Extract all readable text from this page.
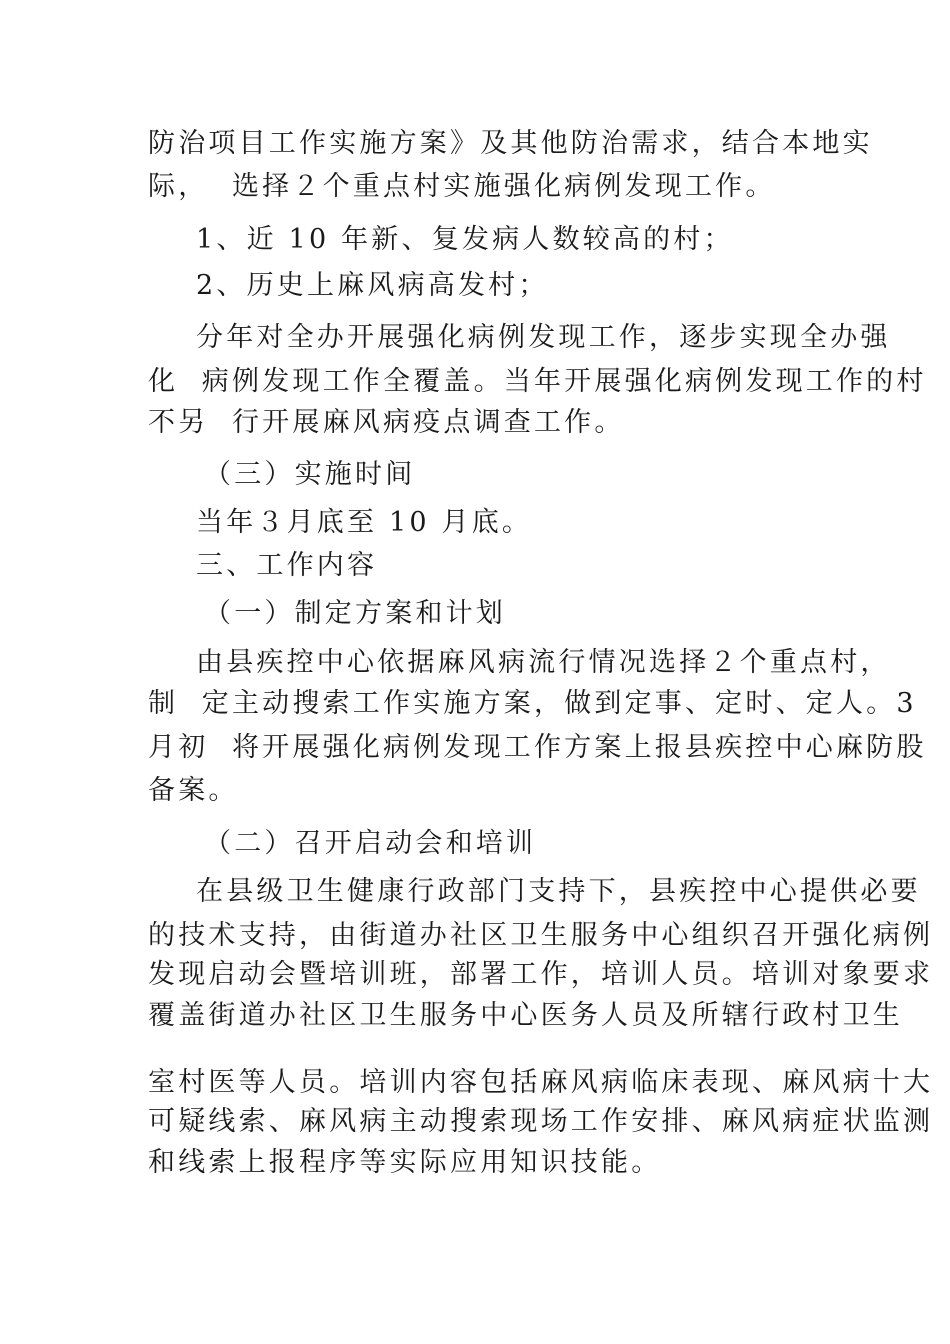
防治项目工作实施方案》及其他防治需求，结合本地实
际，  选择２个重点村实施强化病例发现工作。
1、近 10 年新、复发病人数较高的村；
2、历史上麻风病高发村；
分年对全办开展强化病例发现工作，逐步实现全办强
化  病例发现工作全覆盖。当年开展强化病例发现工作的村
不另  行开展麻风病疫点调查工作。
（三）实施时间
当年３月底至 10 月底。
三、工作内容
（一）制定方案和计划
由县疾控中心依据麻风病流行情况选择２个重点村，
制  定主动搜索工作实施方案，做到定事、定时、定人。3
月初  将开展强化病例发现工作方案上报县疾控中心麻防股
备案。
（二）召开启动会和培训
在县级卫生健康行政部门支持下，县疾控中心提供必要
的技术支持，由街道办社区卫生服务中心组织召开强化病例
发现启动会暨培训班，部署工作，培训人员。培训对象要求
覆盖街道办社区卫生服务中心医务人员及所辖行政村卫生
室村医等人员。培训内容包括麻风病临床表现、麻风病十大
可疑线索、麻风病主动搜索现场工作安排、麻风病症状监测
和线索上报程序等实际应用知识技能。
